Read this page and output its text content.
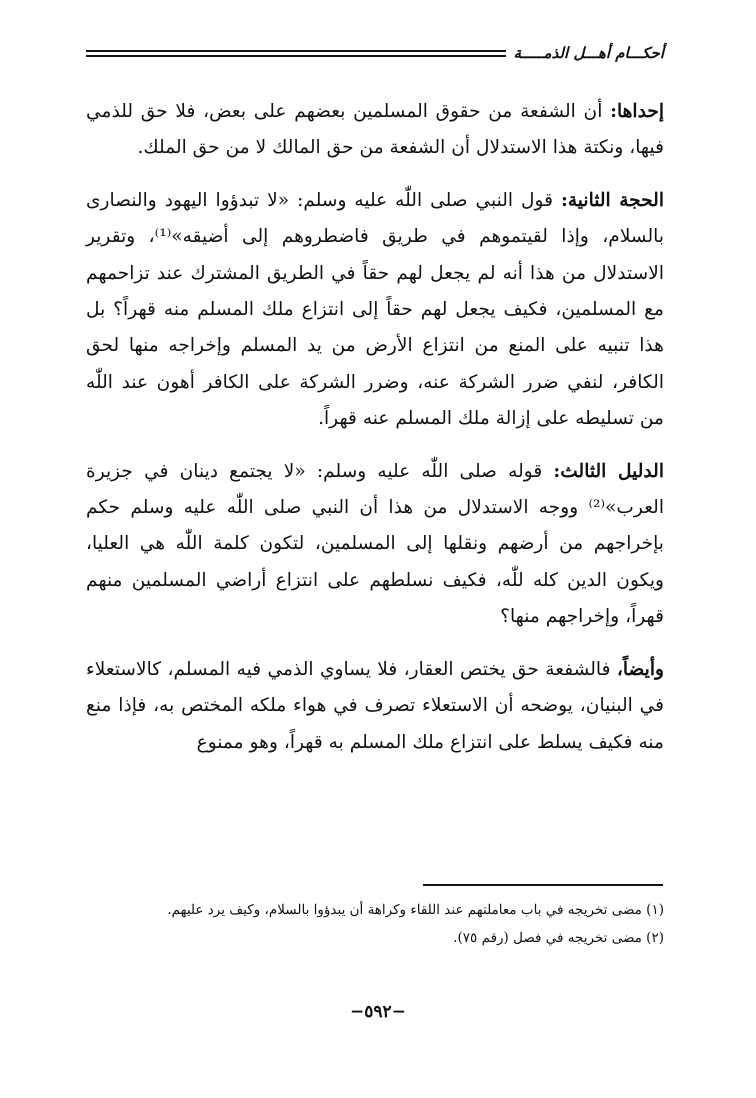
أحكـــام أهـــل الذمـــــة

إحداها: أن الشفعة من حقوق المسلمين بعضهم على بعض، فلا حق للذمي فيها، ونكتة هذا الاستدلال أن الشفعة من حق المالك لا من حق الملك.

الحجة الثانية: قول النبي صلى اللّٰه عليه وسلم: «لا تبدؤوا اليهود والنصارى بالسلام، وإذا لقيتموهم في طريق فاضطروهم إلى أضيقه»⁽¹⁾، وتقرير الاستدلال من هذا أنه لم يجعل لهم حقاً في الطريق المشترك عند تزاحمهم مع المسلمين، فكيف يجعل لهم حقاً إلى انتزاع ملك المسلم منه قهراً؟ بل هذا تنبيه على المنع من انتزاع الأرض من يد المسلم وإخراجه منها لحق الكافر، لنفي ضرر الشركة عنه، وضرر الشركة على الكافر أهون عند اللّٰه من تسليطه على إزالة ملك المسلم عنه قهراً.

الدليل الثالث: قوله صلى اللّٰه عليه وسلم: «لا يجتمع دينان في جزيرة العرب»⁽²⁾ ووجه الاستدلال من هذا أن النبي صلى اللّٰه عليه وسلم حكم بإخراجهم من أرضهم ونقلها إلى المسلمين، لتكون كلمة اللّٰه هي العليا، ويكون الدين كله للّٰه، فكيف نسلطهم على انتزاع أراضي المسلمين منهم قهراً، وإخراجهم منها؟

وأيضاً، فالشفعة حق يختص العقار، فلا يساوي الذمي فيه المسلم، كالاستعلاء في البنيان، يوضحه أن الاستعلاء تصرف في هواء ملكه المختص به، فإذا منع منه فكيف يسلط على انتزاع ملك المسلم به قهراً، وهو ممنوع

(١) مضى تخريجه في باب معاملتهم عند اللقاء وكراهة أن يبدؤوا بالسلام، وكيف يرد عليهم.

(٢) مضى تخريجه في فصل (رقم ٧٥).

−٥٩٢−
